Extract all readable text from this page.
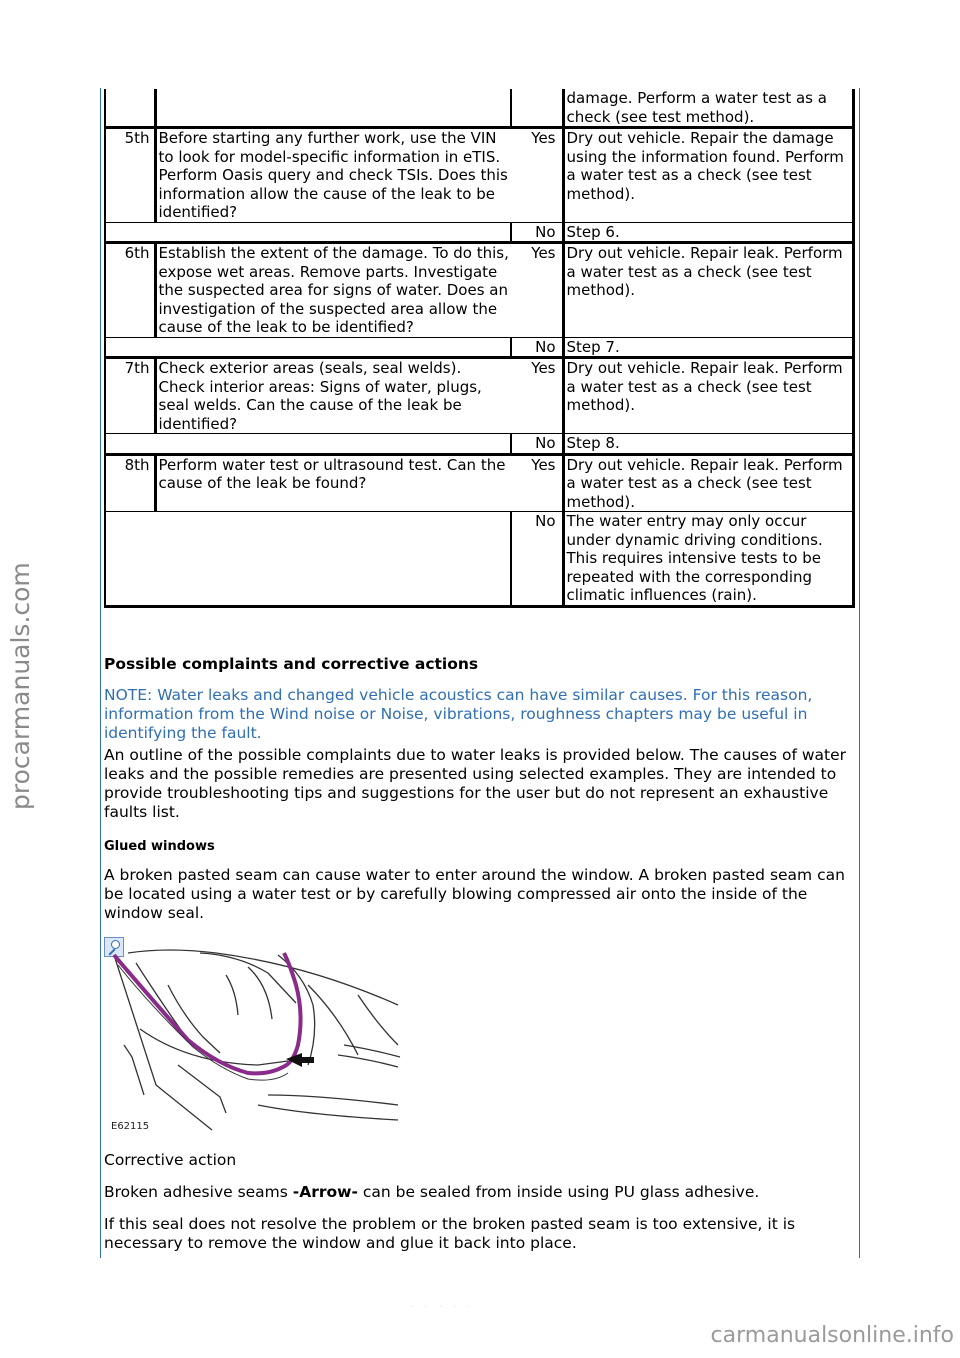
procarmanuals.com
			damage. Perform a water test as a check (see test method).
5th	Before starting any further work, use the VIN to look for model-specific information in eTIS. Perform Oasis query and check TSIs. Does this information allow the cause of the leak to be identified?	Yes	Dry out vehicle. Repair the damage using the information found. Perform a water test as a check (see test method).
		No	Step 6.
6th	Establish the extent of the damage. To do this, expose wet areas. Remove parts. Investigate the suspected area for signs of water. Does an investigation of the suspected area allow the cause of the leak to be identified?	Yes	Dry out vehicle. Repair leak. Perform a water test as a check (see test method).
		No	Step 7.
7th	Check exterior areas (seals, seal welds). Check interior areas: Signs of water, plugs, seal welds. Can the cause of the leak be identified?	Yes	Dry out vehicle. Repair leak. Perform a water test as a check (see test method).
		No	Step 8.
8th	Perform water test or ultrasound test. Can the cause of the leak be found?	Yes	Dry out vehicle. Repair leak. Perform a water test as a check (see test method).
		No	The water entry may only occur under dynamic driving conditions. This requires intensive tests to be repeated with the corresponding climatic influences (rain).
Possible complaints and corrective actions
NOTE: Water leaks and changed vehicle acoustics can have similar causes. For this reason, information from the Wind noise or Noise, vibrations, roughness chapters may be useful in identifying the fault.
An outline of the possible complaints due to water leaks is provided below. The causes of water leaks and the possible remedies are presented using selected examples. They are intended to provide troubleshooting tips and suggestions for the user but do not represent an exhaustive faults list.
Glued windows
A broken pasted seam can cause water to enter around the window. A broken pasted seam can be located using a water test or by carefully blowing compressed air onto the inside of the window seal.
E62115
Corrective action
Broken adhesive seams -Arrow- can be sealed from inside using PU glass adhesive.
If this seal does not resolve the problem or the broken pasted seam is too extensive, it is necessary to remove the window and glue it back into place.
· · · · ·
carmanualsonline.info
